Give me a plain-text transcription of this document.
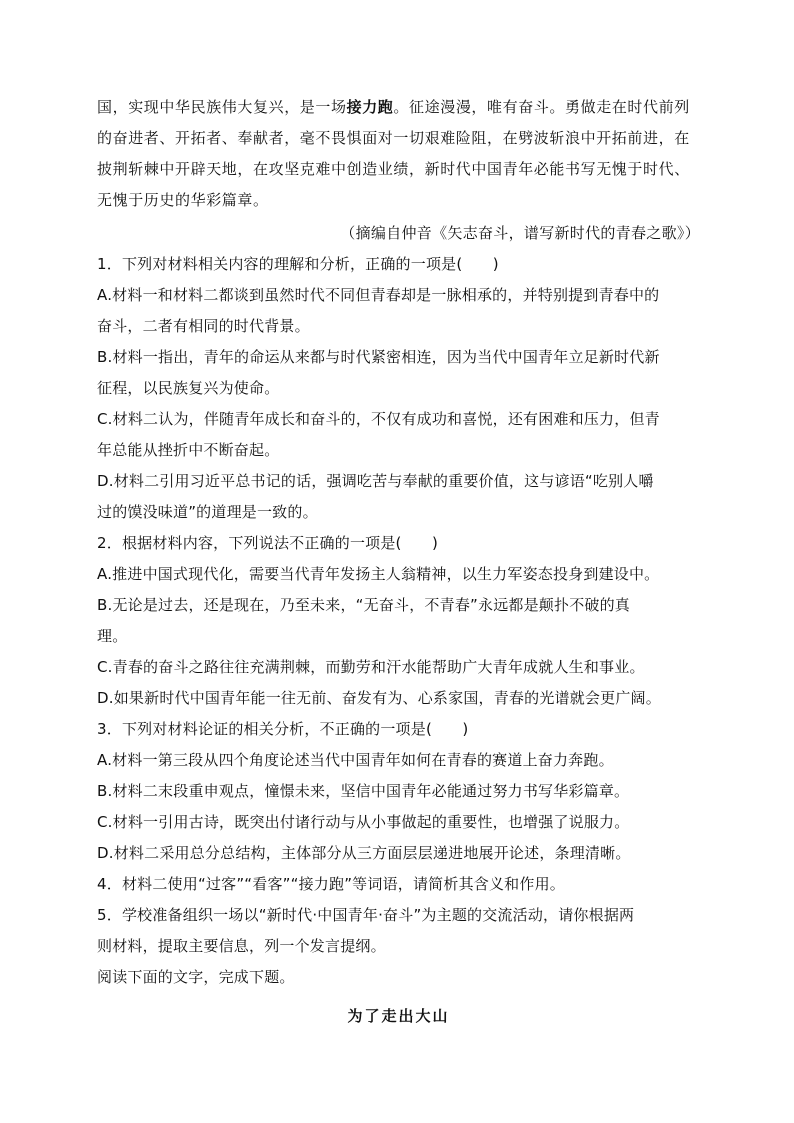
国，实现中华民族伟大复兴，是一场接力跑。征途漫漫，唯有奋斗。勇做走在时代前列的奋进者、开拓者、奉献者，毫不畏惧面对一切艰难险阻，在劈波斩浪中开拓前进，在披荆斩棘中开辟天地，在攻坚克难中创造业绩，新时代中国青年必能书写无愧于时代、无愧于历史的华彩篇章。

（摘编自仲音《矢志奋斗，谱写新时代的青春之歌》）

1．下列对材料相关内容的理解和分析，正确的一项是(　　)

A.材料一和材料二都谈到虽然时代不同但青春却是一脉相承的，并特别提到青春中的

奋斗，二者有相同的时代背景。

B.材料一指出，青年的命运从来都与时代紧密相连，因为当代中国青年立足新时代新

征程，以民族复兴为使命。

C.材料二认为，伴随青年成长和奋斗的，不仅有成功和喜悦，还有困难和压力，但青

年总能从挫折中不断奋起。

D.材料二引用习近平总书记的话，强调吃苦与奉献的重要价值，这与谚语“吃别人嚼

过的馍没味道”的道理是一致的。

2．根据材料内容，下列说法不正确的一项是(　　)

A.推进中国式现代化，需要当代青年发扬主人翁精神，以生力军姿态投身到建设中。

B.无论是过去，还是现在，乃至未来，“无奋斗，不青春”永远都是颠扑不破的真

理。

C.青春的奋斗之路往往充满荆棘，而勤劳和汗水能帮助广大青年成就人生和事业。

D.如果新时代中国青年能一往无前、奋发有为、心系家国，青春的光谱就会更广阔。

3．下列对材料论证的相关分析，不正确的一项是(　　)

A.材料一第三段从四个角度论述当代中国青年如何在青春的赛道上奋力奔跑。

B.材料二末段重申观点，憧憬未来，坚信中国青年必能通过努力书写华彩篇章。

C.材料一引用古诗，既突出付诸行动与从小事做起的重要性，也增强了说服力。

D.材料二采用总分总结构，主体部分从三方面层层递进地展开论述，条理清晰。

4．材料二使用“过客”“看客”“接力跑”等词语，请简析其含义和作用。

5．学校准备组织一场以“新时代·中国青年·奋斗”为主题的交流活动，请你根据两

则材料，提取主要信息，列一个发言提纲。

阅读下面的文字，完成下题。

为了走出大山
